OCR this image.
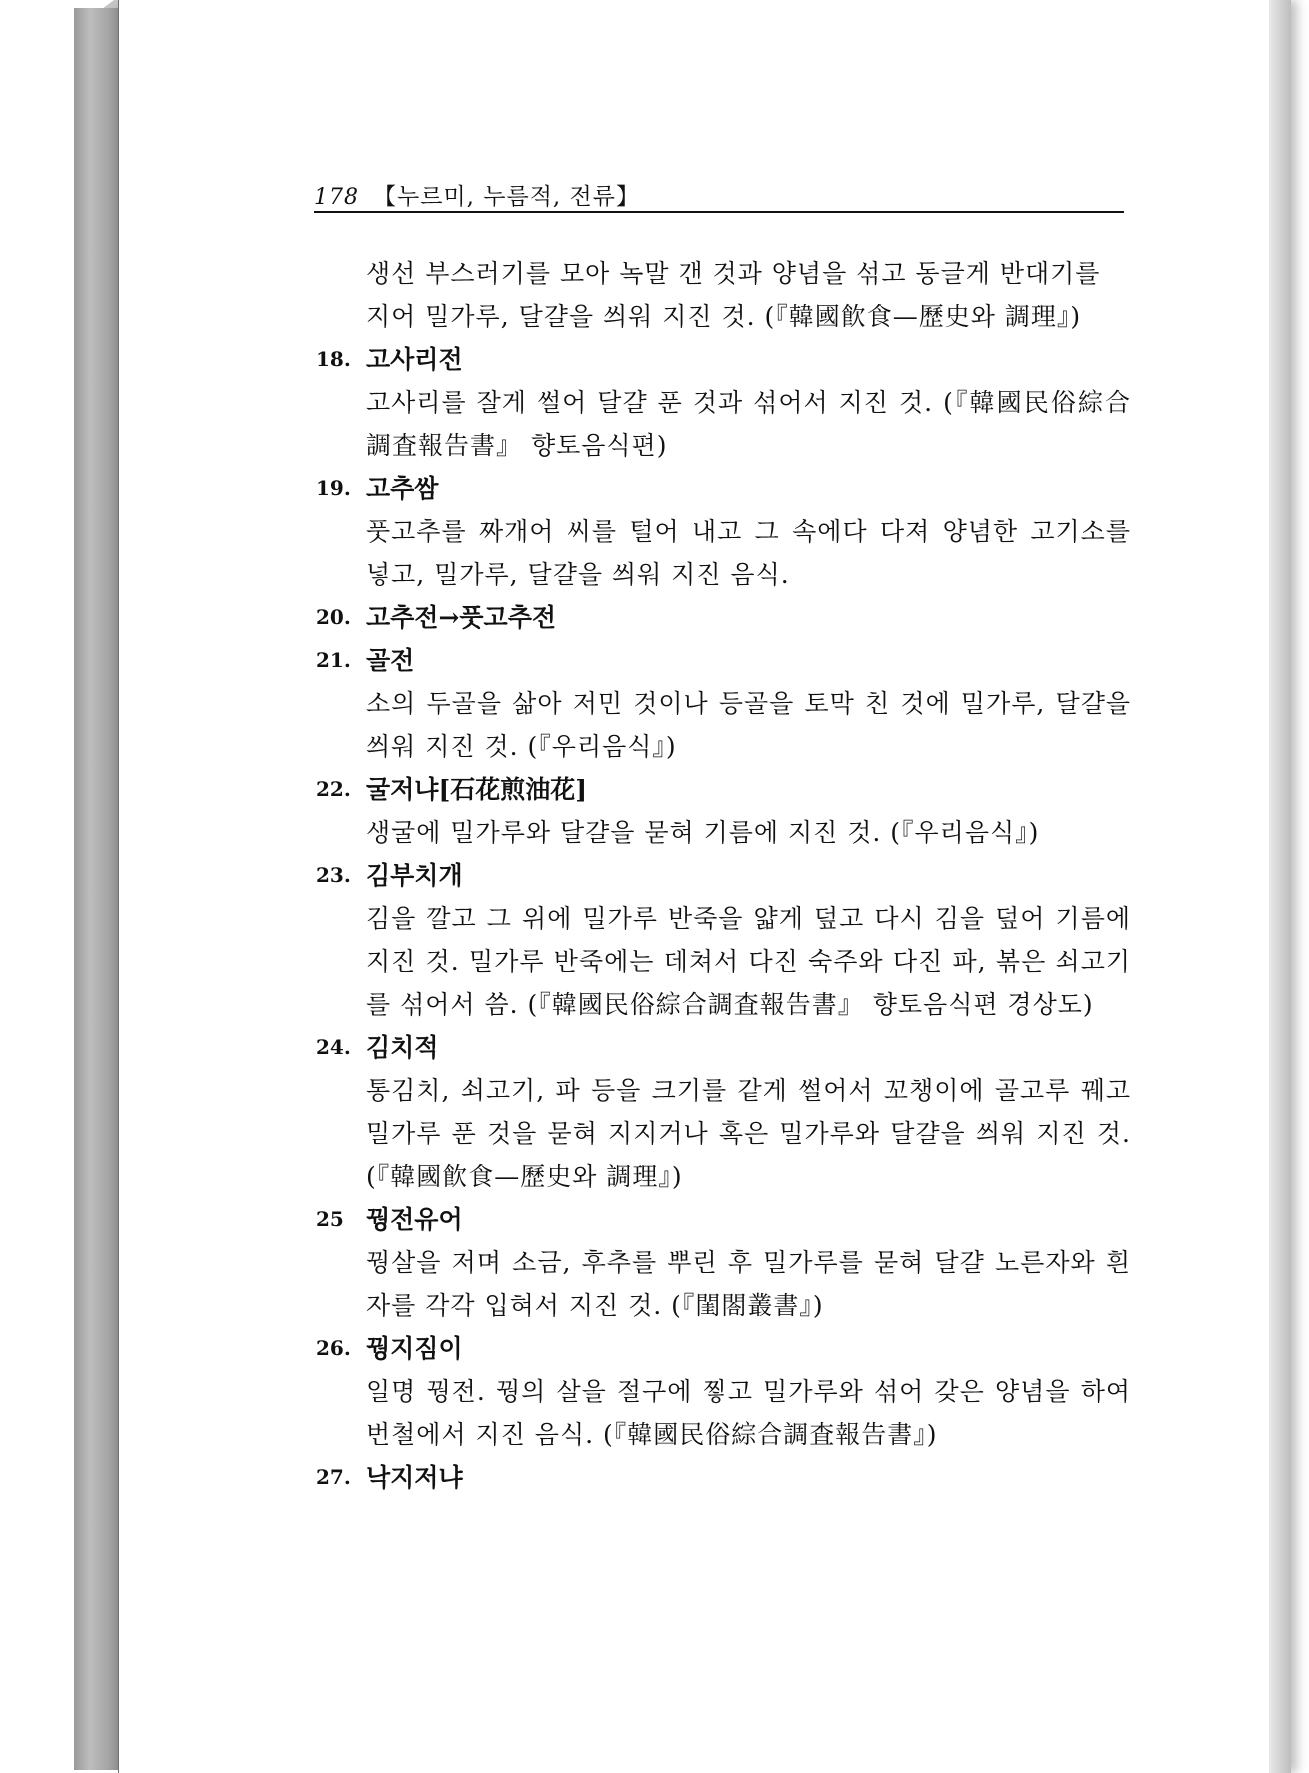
178 【누르미, 누름적, 전류】
생선 부스러기를 모아 녹말 갠 것과 양념을 섞고 동글게 반대기를 지어 밀가루, 달걀을 씌워 지진 것. (『韓國飮食—歷史와 調理』)
18. 고사리전
고사리를 잘게 썰어 달걀 푼 것과 섞어서 지진 것. (『韓國民俗綜合調査報告書』 향토음식편)
19. 고추쌈
풋고추를 짜개어 씨를 털어 내고 그 속에다 다져 양념한 고기소를 넣고, 밀가루, 달걀을 씌워 지진 음식.
20. 고추전→풋고추전
21. 골전
소의 두골을 삶아 저민 것이나 등골을 토막 친 것에 밀가루, 달걀을 씌워 지진 것. (『우리음식』)
22. 굴저냐[石花煎油花]
생굴에 밀가루와 달걀을 묻혀 기름에 지진 것. (『우리음식』)
23. 김부치개
김을 깔고 그 위에 밀가루 반죽을 얇게 덮고 다시 김을 덮어 기름에 지진 것. 밀가루 반죽에는 데쳐서 다진 숙주와 다진 파, 볶은 쇠고기를 섞어서 씀. (『韓國民俗綜合調査報告書』 향토음식편 경상도)
24. 김치적
통김치, 쇠고기, 파 등을 크기를 같게 썰어서 꼬챙이에 골고루 꿰고 밀가루 푼 것을 묻혀 지지거나 혹은 밀가루와 달걀을 씌워 지진 것. (『韓國飮食—歷史와 調理』)
25 꿩전유어
꿩살을 저며 소금, 후추를 뿌린 후 밀가루를 묻혀 달걀 노른자와 흰자를 각각 입혀서 지진 것. (『閨閤叢書』)
26. 꿩지짐이
일명 꿩전. 꿩의 살을 절구에 찧고 밀가루와 섞어 갖은 양념을 하여 번철에서 지진 음식. (『韓國民俗綜合調査報告書』)
27. 낙지저냐
